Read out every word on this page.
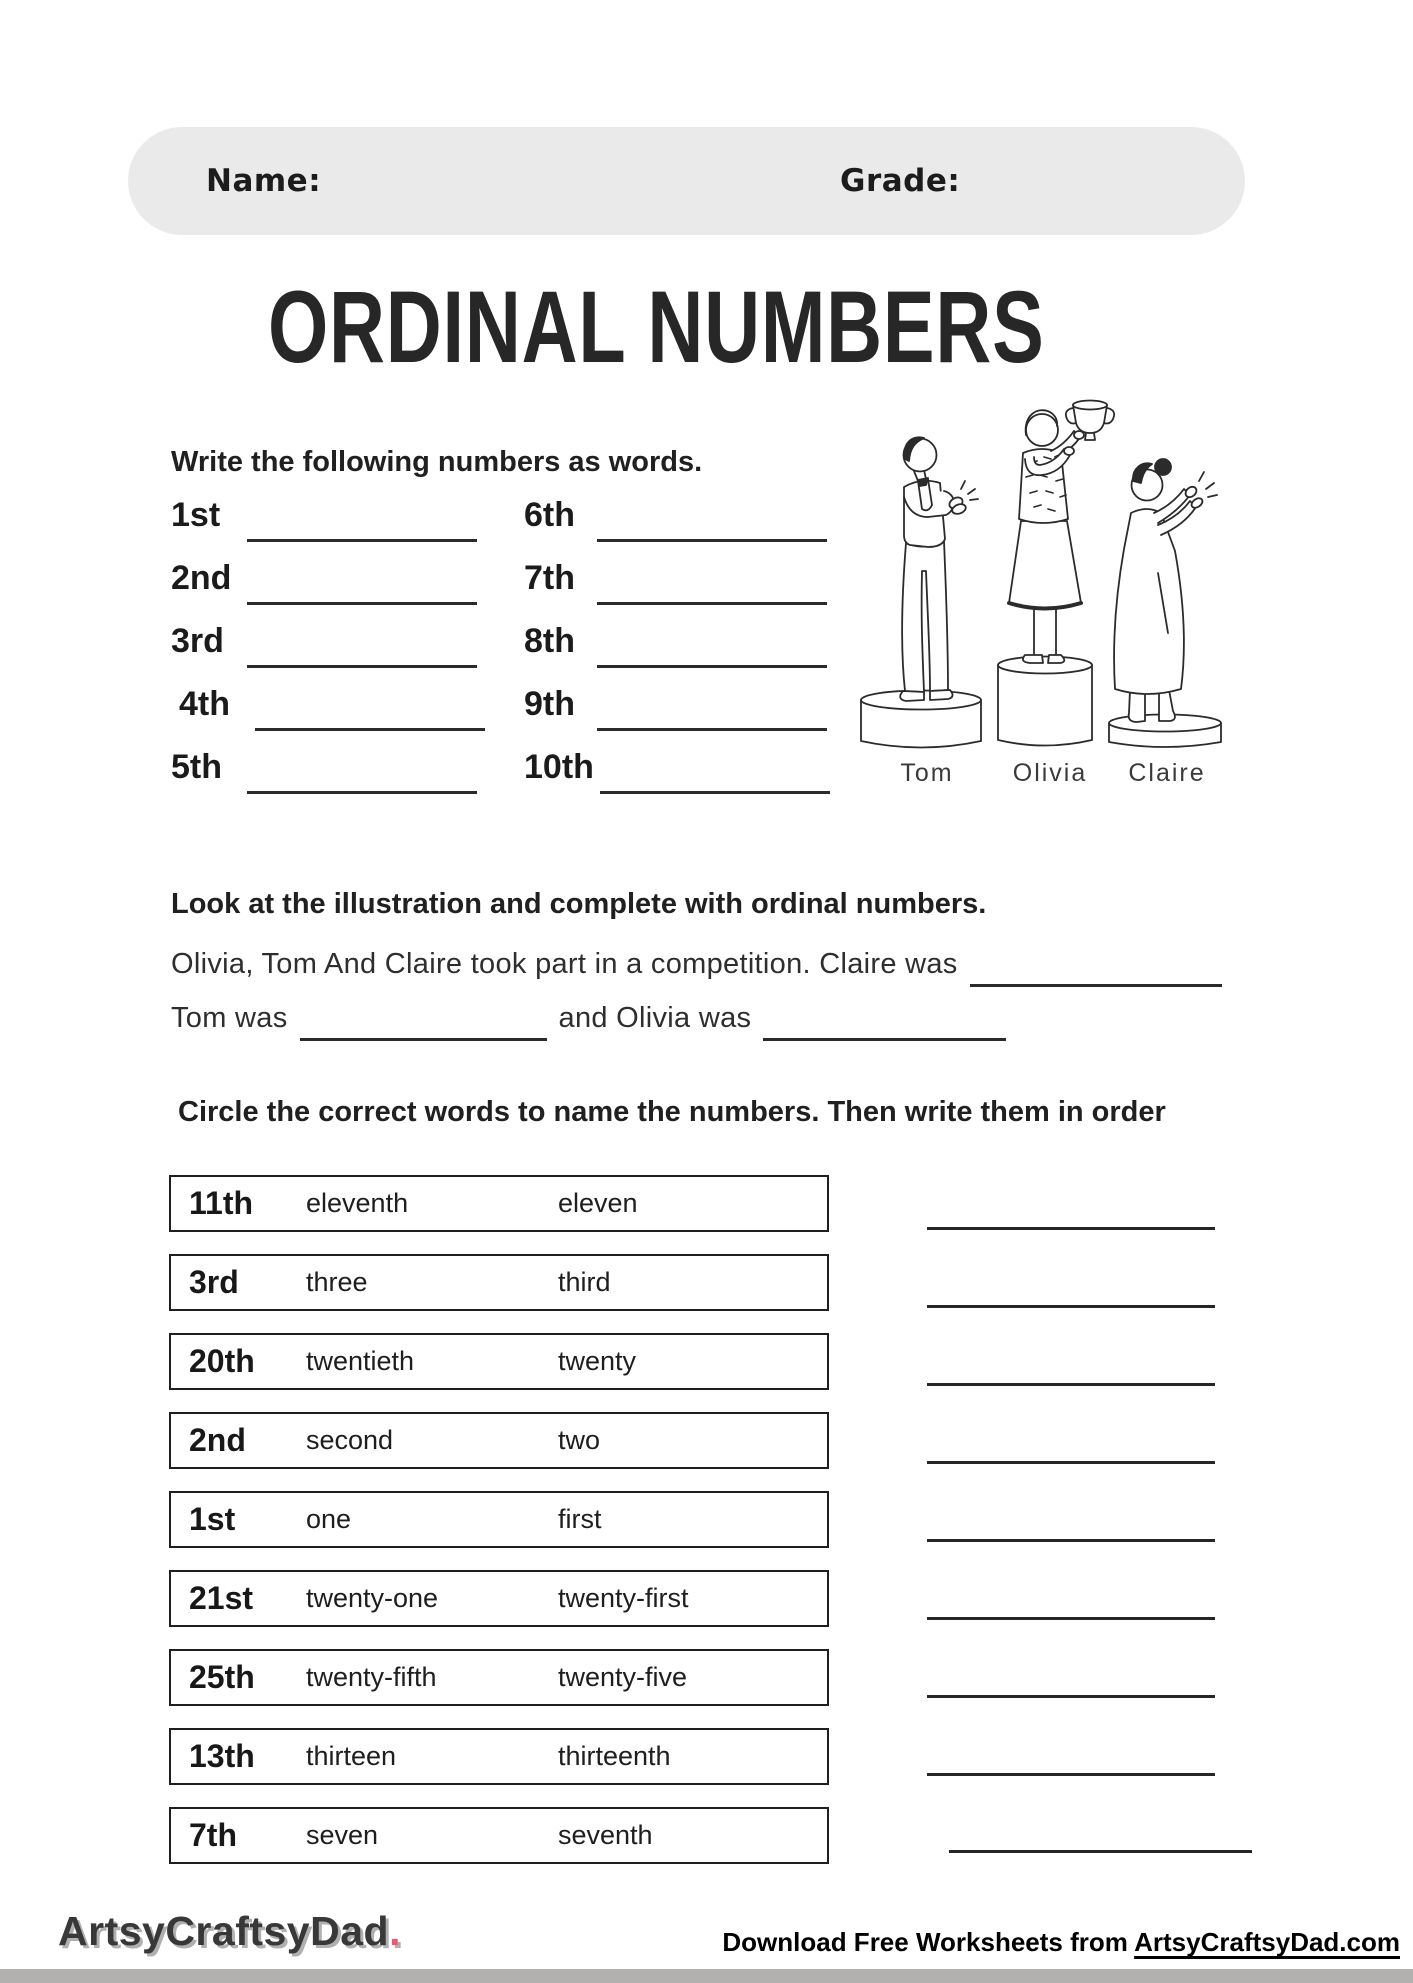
Name:	Grade:
ORDINAL NUMBERS
Write the following numbers as words.
1st
2nd
3rd
4th
5th
6th
7th
8th
9th
10th	Tom Olivia Claire
Look at the illustration and complete with ordinal numbers.
Olivia, Tom And Claire took part in a competition. Claire was
Tom was	and Olivia was
Circle the correct words to name the numbers. Then write them in order
11th	eleventh	eleven
3rd	three	third
20th	twentieth	twenty
2nd	second	two
1st	one	first
21st	twenty-one	twenty-first
25th	twenty-fifth	twenty-five
13th	thirteen	thirteenth
7th	seven	seventh
ArtsyCraftsyDad.	Download Free Worksheets from ArtsyCraftsyDad.com
